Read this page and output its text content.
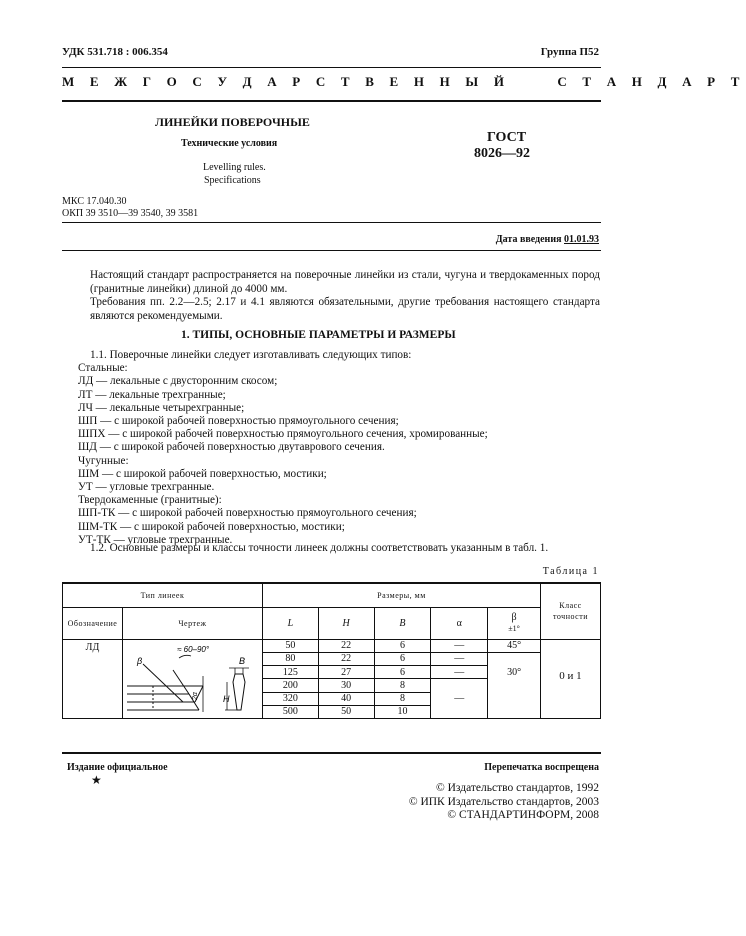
УДК 531.718 : 006.354	Группа П52
М Е Ж Г О С У Д А Р С Т В Е Н Н Ы Й     С Т А Н Д А Р Т
ЛИНЕЙКИ ПОВЕРОЧНЫЕ
Технические условия
Levelling rules.
Specifications
ГОСТ
8026—92
МКС 17.040.30
ОКП 39 3510—39 3540, 39 3581
Дата введения 01.01.93
Настоящий стандарт распространяется на поверочные линейки из стали, чугуна и твердокаменных пород (гранитные линейки) длиной до 4000 мм.
Требования пп. 2.2—2.5; 2.17 и 4.1 являются обязательными, другие требования настоящего стандарта являются рекомендуемыми.
1. ТИПЫ, ОСНОВНЫЕ ПАРАМЕТРЫ И РАЗМЕРЫ
1.1. Поверочные линейки следует изготавливать следующих типов:
Стальные:
ЛД — лекальные с двусторонним скосом;
ЛТ — лекальные трехгранные;
ЛЧ — лекальные четырехгранные;
ШП — с широкой рабочей поверхностью прямоугольного сечения;
ШПХ — с широкой рабочей поверхностью прямоугольного сечения, хромированные;
ШД — с широкой рабочей поверхностью двутаврового сечения.
Чугунные:
ШМ — с широкой рабочей поверхностью, мостики;
УТ — угловые трехгранные.
Твердокаменные (гранитные):
ШП-ТК — с широкой рабочей поверхностью прямоугольного сечения;
ШМ-ТК — с широкой рабочей поверхностью, мостики;
УТ-ТК — угловые трехгранные.
1.2. Основные размеры и классы точности линеек должны соответствовать указанным в табл. 1.
Таблица 1
Тип линеек		Размеры, мм					Класс точности
Обозначение	Чертеж	L	H	B	α	β
±1°	

ЛД	β
≈ 60–90°
2α
B
H	50	22	6	—	45°	0 и 1
		80	22	6	—	30°	
		125	27	6	—		
		200	30	8	—		
		320	40	8			
		500	50	10			
Издание официальное
★
Перепечатка воспрещена
© Издательство стандартов, 1992
© ИПК Издательство стандартов, 2003
© СТАНДАРТИНФОРМ, 2008
